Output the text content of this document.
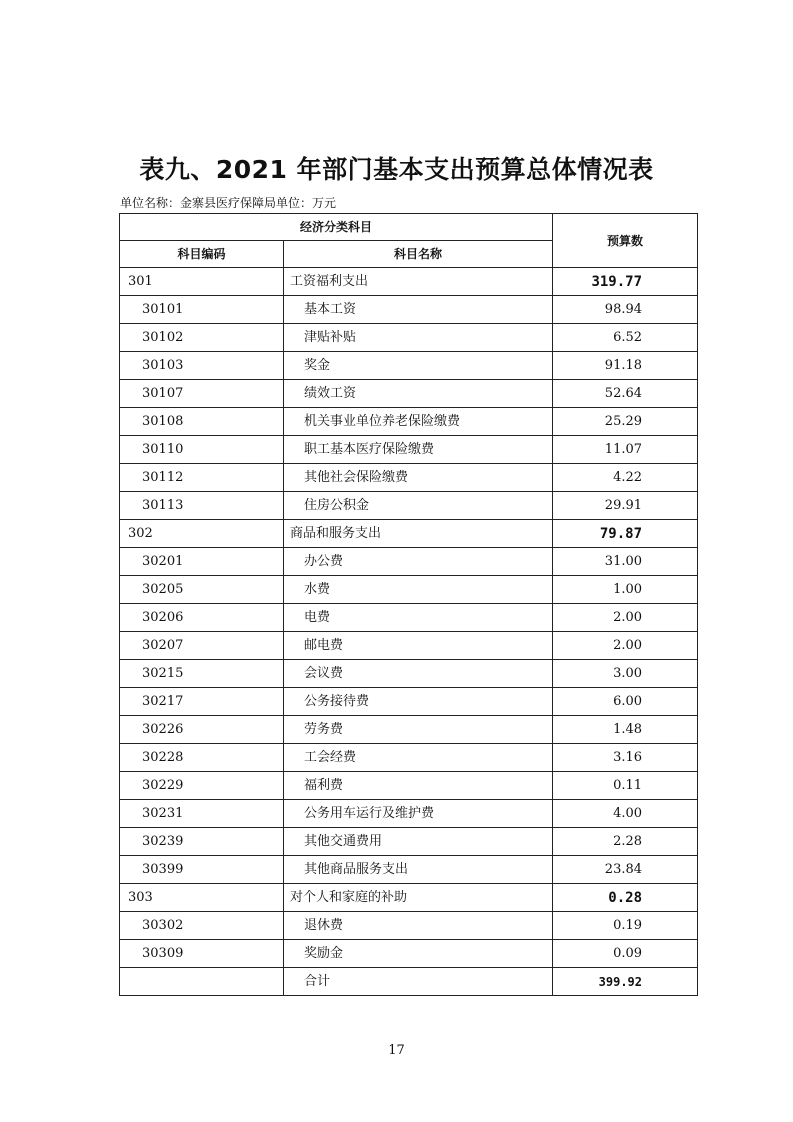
表九、2021 年部门基本支出预算总体情况表
单位名称：金寨县医疗保障局单位：万元
经济分类科目		预算数
科目编码	科目名称	
301	工资福利支出	319.77
30101	基本工资	98.94
30102	津贴补贴	6.52
30103	奖金	91.18
30107	绩效工资	52.64
30108	机关事业单位养老保险缴费	25.29
30110	职工基本医疗保险缴费	11.07
30112	其他社会保险缴费	4.22
30113	住房公积金	29.91
302	商品和服务支出	79.87
30201	办公费	31.00
30205	水费	1.00
30206	电费	2.00
30207	邮电费	2.00
30215	会议费	3.00
30217	公务接待费	6.00
30226	劳务费	1.48
30228	工会经费	3.16
30229	福利费	0.11
30231	公务用车运行及维护费	4.00
30239	其他交通费用	2.28
30399	其他商品服务支出	23.84
303	对个人和家庭的补助	0.28
30302	退休费	0.19
30309	奖励金	0.09
	合计	399.92
17
